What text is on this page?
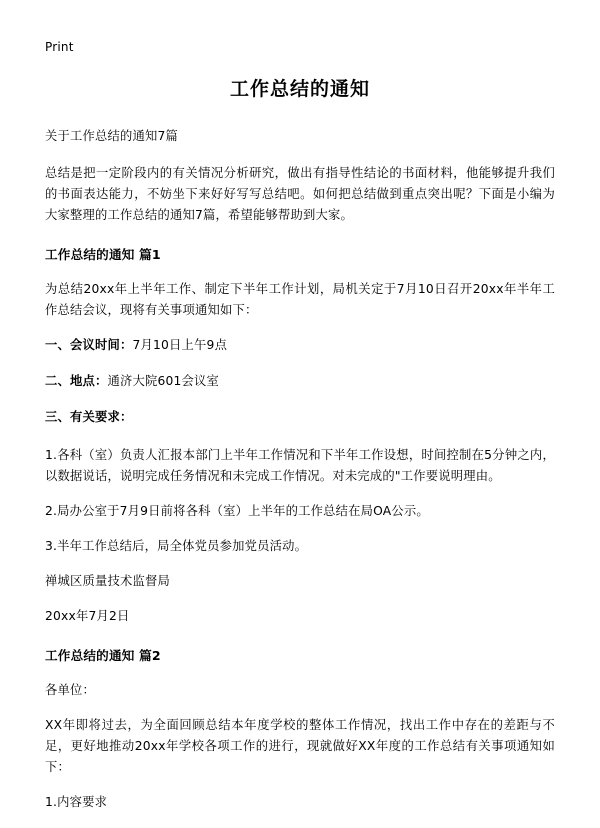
Print
工作总结的通知

关于工作总结的通知7篇

总结是把一定阶段内的有关情况分析研究，做出有指导性结论的书面材料，他能够提升我们的书面表达能力，不妨坐下来好好写写总结吧。如何把总结做到重点突出呢？下面是小编为大家整理的工作总结的通知7篇，希望能够帮助到大家。

工作总结的通知 篇1

为总结20xx年上半年工作、制定下半年工作计划，局机关定于7月10日召开20xx年半年工作总结会议，现将有关事项通知如下：

一、会议时间：7月10日上午9点

二、地点：通济大院601会议室

三、有关要求：

1.各科（室）负责人汇报本部门上半年工作情况和下半年工作设想，时间控制在5分钟之内，以数据说话，说明完成任务情况和未完成工作情况。对未完成的"工作要说明理由。

2.局办公室于7月9日前将各科（室）上半年的工作总结在局OA公示。

3.半年工作总结后，局全体党员参加党员活动。

禅城区质量技术监督局

20xx年7月2日

工作总结的通知 篇2

各单位：

XX年即将过去，为全面回顾总结本年度学校的整体工作情况，找出工作中存在的差距与不足，更好地推动20xx年学校各项工作的进行，现就做好XX年度的工作总结有关事项通知如下：

1.内容要求
